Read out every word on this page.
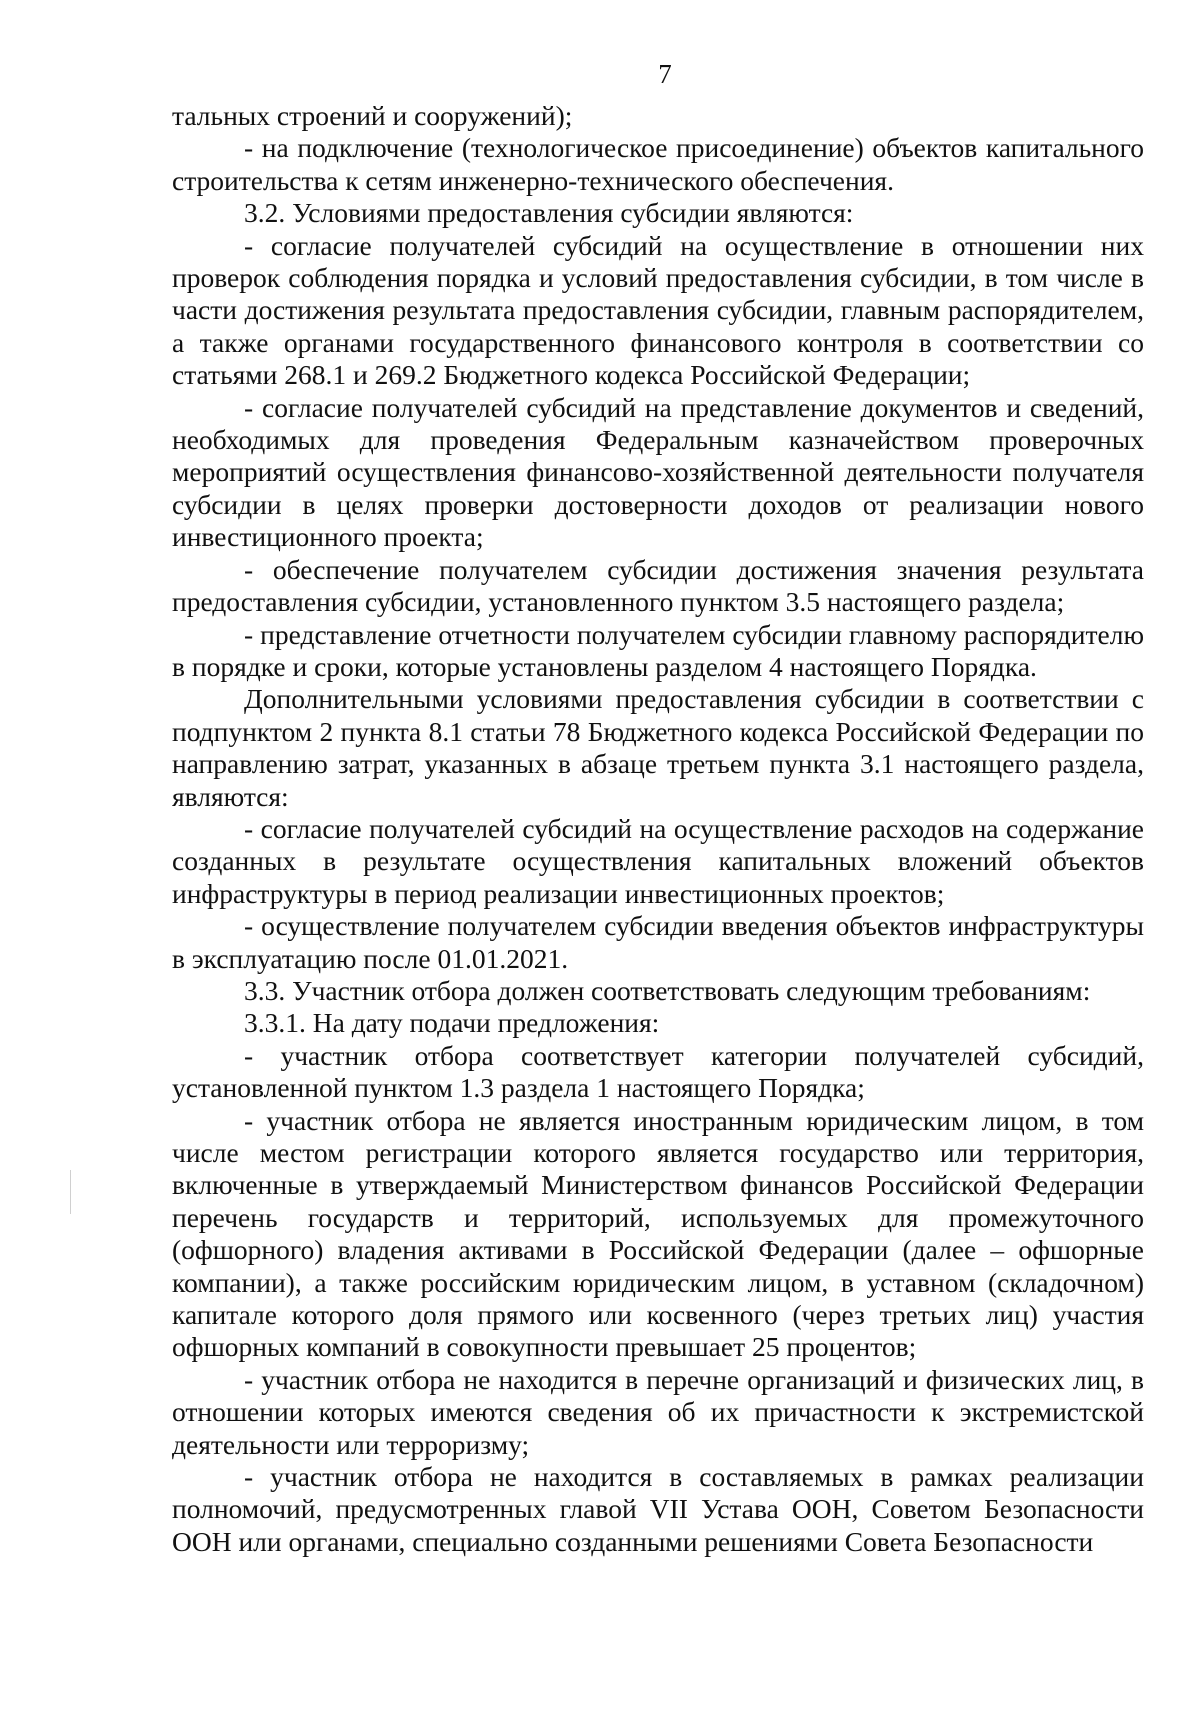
7

тальных строений и сооружений);

- на подключение (технологическое присоединение) объектов капитального строительства к сетям инженерно-технического обеспечения.

3.2. Условиями предоставления субсидии являются:

- согласие получателей субсидий на осуществление в отношении них проверок соблюдения порядка и условий предоставления субсидии, в том числе в части достижения результата предоставления субсидии, главным распорядителем, а также органами государственного финансового контроля в соответствии со статьями 268.1 и 269.2 Бюджетного кодекса Российской Федерации;

- согласие получателей субсидий на представление документов и сведений, необходимых для проведения Федеральным казначейством проверочных мероприятий осуществления финансово-хозяйственной деятельности получателя субсидии в целях проверки достоверности доходов от реализации нового инвестиционного проекта;

- обеспечение получателем субсидии достижения значения результата предоставления субсидии, установленного пунктом 3.5 настоящего раздела;

- представление отчетности получателем субсидии главному распорядителю в порядке и сроки, которые установлены разделом 4 настоящего Порядка.

Дополнительными условиями предоставления субсидии в соответствии с подпунктом 2 пункта 8.1 статьи 78 Бюджетного кодекса Российской Федерации по направлению затрат, указанных в абзаце третьем пункта 3.1 настоящего раздела, являются:

- согласие получателей субсидий на осуществление расходов на содержание созданных в результате осуществления капитальных вложений объектов инфраструктуры в период реализации инвестиционных проектов;

- осуществление получателем субсидии введения объектов инфраструктуры в эксплуатацию после 01.01.2021.

3.3. Участник отбора должен соответствовать следующим требованиям:

3.3.1. На дату подачи предложения:

- участник отбора соответствует категории получателей субсидий, установленной пунктом 1.3 раздела 1 настоящего Порядка;

- участник отбора не является иностранным юридическим лицом, в том числе местом регистрации которого является государство или территория, включенные в утверждаемый Министерством финансов Российской Федерации перечень государств и территорий, используемых для промежуточного (офшорного) владения активами в Российской Федерации (далее – офшорные компании), а также российским юридическим лицом, в уставном (складочном) капитале которого доля прямого или косвенного (через третьих лиц) участия офшорных компаний в совокупности превышает 25 процентов;

- участник отбора не находится в перечне организаций и физических лиц, в отношении которых имеются сведения об их причастности к экстремистской деятельности или терроризму;

- участник отбора не находится в составляемых в рамках реализации полномочий, предусмотренных главой VII Устава ООН, Советом Безопасности ООН или органами, специально созданными решениями Совета Безопасности
